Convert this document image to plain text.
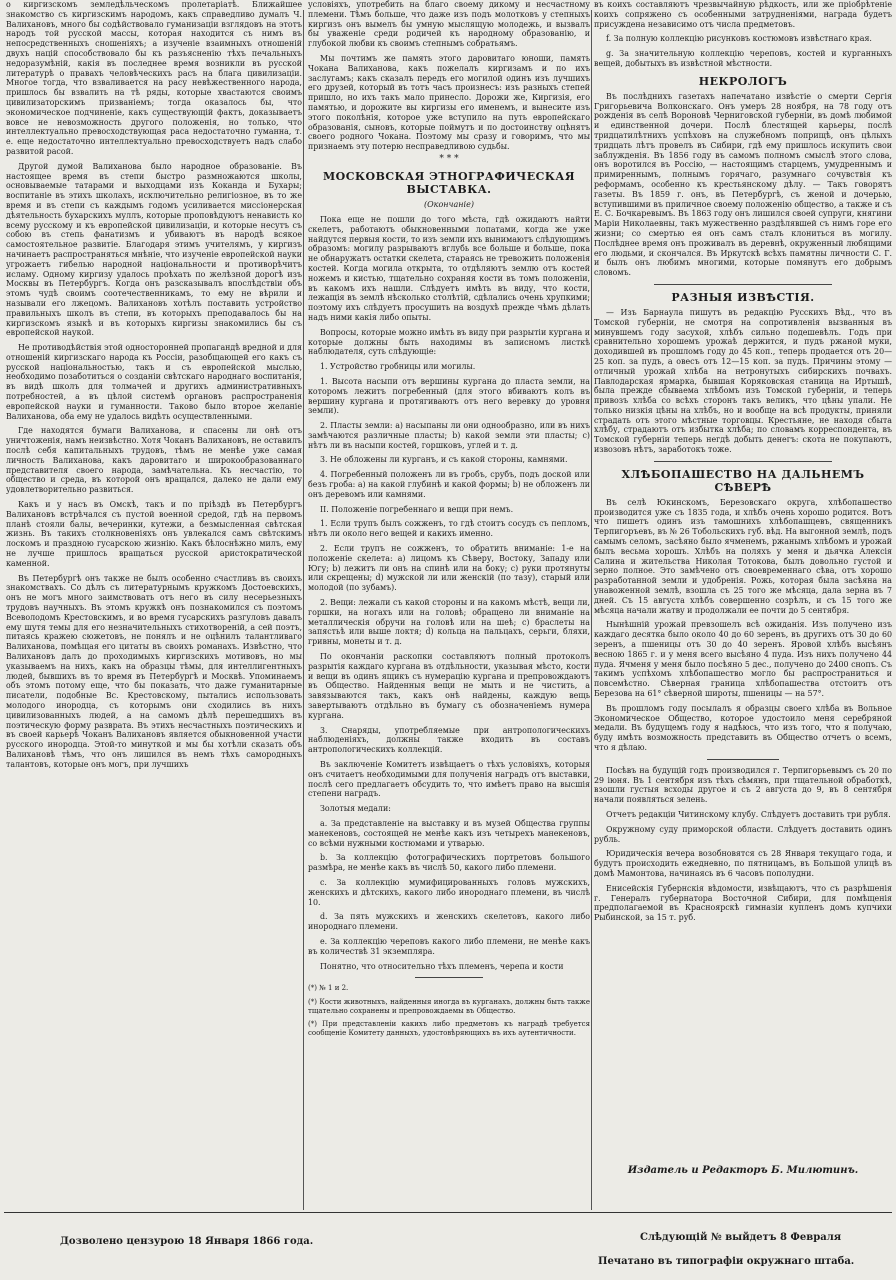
о киргизскомъ земледѣльческомъ пролетаріатѣ. Ближайшее знакомство съ киргизскимъ народомъ, какъ справедливо думалъ Ч. Валихановъ, много бы содѣйствовало гуманизаціи взглядовъ на этотъ народъ той русской массы, которая находится съ нимъ въ непосредственныхъ сношеніяхъ; а изученіе взаимныхъ отношеній двухъ націй способствовало бы къ разъясненію тѣхъ печальныхъ недоразумѣній, какія въ последнее время возникли въ русской литературѣ о правахъ человѣческихъ расъ на блага цивилизаціи. Многое тогда, что взваливается на расу невѣжественного народа, пришлось бы взвалить на тѣ ряды, которые хвастаются своимъ цивилизаторскимъ призваніемъ; тогда оказалось бы, что экономическое подчиненіе, какъ существующій фактъ, доказываетъ вовсе не невозможность другого положенія, но только, что интеллектуально превосходствующая раса недостаточно гуманна, т. е. еще недостаточно интеллектуально превосходствуетъ надъ слабо развитой расой.

Другой думой Валиханова было народное образованіе. Въ настоящее время въ степи быстро размножаются школы, основываемые татарами и выходцами изъ Коканда и Бухары; воспитаніе въ этихъ школахъ, исключительно религіозное, въ то же время и въ степи съ каждымъ годомъ усиливается миссіонерская дѣятельность бухарскихъ муллъ, которые проповѣдуютъ ненависть ко всему русскому и къ европейской цивилизаціи, и которые несутъ съ собою въ степь фанатизмъ и убиваютъ въ народѣ всякое самостоятельное развитіе. Благодаря этимъ учителямъ, у киргизъ начинаетъ распространяться мнѣніе, что изученіе европейской науки угрожаетъ гибелью народной національности и противорѣчитъ исламу. Одному киргизу удалось проѣхать по желѣзной дорогѣ изъ Москвы въ Петербургъ. Когда онъ разсказывалъ впослѣдствіи объ этомъ чудѣ своимъ соотечественникамъ, то ему не вѣрили и называли его лжецомъ. Валихановъ хотѣлъ поставить устройство правильныхъ школъ въ степи, въ которыхъ преподавалось бы на киргизскомъ языкѣ и въ которыхъ киргизы знакомились бы съ европейской наукой.

Не противодѣйствія этой односторонней пропагандѣ вредной и для отношеній киргизскаго народа къ Россіи, разобщающей его какъ съ русской національностью, такъ и съ европейской мыслью, необходимо позаботиться о созданіи свѣтскаго народнаго воспитанія, въ видѣ школъ для толмачей и другихъ административныхъ потребностей, а въ цѣлой системѣ органовъ распространенія европейской науки и гуманности. Таково было второе желаніе Валиханова, оба ему не удалось видѣть осуществленными.

Где находятся бумаги Валиханова, и спасены ли онѣ отъ уничтоженія, намъ неизвѣстно. Хотя Чоканъ Валихановъ, не оставилъ послѣ себя капитальныхъ трудовъ, тѣмъ не менѣе уже самая личность Валиханова, какъ даровитаго и широкообразованнаго представителя своего народа, замѣчательна. Къ несчастію, то общество и среда, въ которой онъ вращался, далеко не дали ему удовлетворительно развиться.

Какъ и у насъ въ Омскѣ, такъ и по пріѣздѣ въ Петербургъ Валихановъ встрѣчался съ пустой военной средой, гдѣ на первомъ планѣ стояли балы, вечеринки, кутежи, а безмысленная свѣтская жизнь. Въ такихъ столкновеніяхъ онъ увлекался самъ свѣтскимъ лоскомъ и праздною гусарскою жизнію. Какъ бѣлоснѣжно милъ, ему не лучше пришлось вращаться русской аристократической каменной.

Въ Петербургѣ онъ также не былъ особенно счастливъ въ своихъ знакомствахъ. Со дѣлъ съ литературнымъ кружкомъ Достоевскихъ, онъ не могъ много заимствовать отъ него въ силу несерьезныхъ трудовъ научныхъ. Въ этомъ кружкѣ онъ познакомился съ поэтомъ Всеволодомъ Крестовскимъ, и во время гусарскихъ разгуловъ давалъ ему шутя темы для его незначительныхъ стихотвореній, а сей поэтъ, питаясь кражею сюжетовъ, не понялъ и не оцѣнилъ талантливаго Валиханова, помѣщая его цитаты въ своихъ романахъ. Извѣстно, что Валихановъ далъ до проходимыхъ киргизскихъ мотивовъ, но мы указываемъ на нихъ, какъ на образцы тѣмы, для интеллигентныхъ людей, бывшихъ въ то время въ Петербургѣ и Москвѣ. Упоминаемъ объ этомъ потому еще, что бы показать, что даже гуманитарные писатели, подобные Вс. Крестовскому, пытались использовать молодого инородца, съ которымъ они сходились въ нихъ цивилизованныхъ людей, а на самомъ дѣлѣ перешедшихъ въ поэтическую форму разврата. Въ этихъ несчастныхъ поэтическихъ и въ своей карьерѣ Чоканъ Валихановъ является обыкновенной участи русского инородца. Этой-то минуткой и мы бы хотѣли сказать объ Валихановѣ тѣмъ, что онъ лишился въ немъ тѣхъ самородныхъ талантовъ, которые онъ могъ, при лучшихъ

условіяхъ, употребить на благо своему дикому и несчастному племени. Тѣмъ больше, что даже изъ подъ молотковъ у степныхъ киргизъ онъ вымелъ бы умную мыслящую молодежь, и вызвалъ бы уваженіе среди родичей къ народному образованію, и глубокой любви къ своимъ степнымъ собратьямъ.

Мы почтимъ же память этого даровитаго юноши, память Чокана Валиханова, какъ пожелалъ киргизамъ и по ихъ заслугамъ; какъ сказалъ передъ его могилой одинъ изъ лучшихъ его друзей, который въ тотъ часъ произнесъ: изъ разныхъ степей пришло, но ихъ такъ мало принесло. Дорожи же, Киргизія, его памятью, и дорожите вы киргизы его именемъ, и вынесите изъ этого поколѣнія, которое уже вступило на путь европейскаго образованія, сыновъ, которые поймутъ и по достоинству оцѣнятъ своего родного Чокана. Поэтому мы сразу и говоримъ, что мы признаемъ эту потерю несправедливою судьбы.

* * *
МОСКОВСКАЯ ЭТНОГРАФИЧЕСКАЯ ВЫСТАВКА.
(Окончаніе)

Пока еще не пошли до того мѣста, гдѣ ожидаютъ найти скелетъ, работаютъ обыкновенными лопатами, когда же уже найдутся первыя кости, то изъ земли ихъ вынимаютъ слѣдующимъ образомъ: могилу разрываютъ вглубь все больше и больше, пока не обнаружатъ остатки скелета, стараясь не тревожить положенія костей. Когда могила открыта, то отдѣляютъ землю отъ костей ножемъ и кистью, тщательно сохраняя кости въ томъ положеніи, въ какомъ ихъ нашли. Слѣдуетъ имѣть въ виду, что кости, лежащія въ землѣ нѣсколько столѣтій, сдѣлались очень хрупкими; поэтому ихъ слѣдуетъ просушить на воздухѣ прежде чѣмъ дѣлать надъ ними какія либо опыты.

Вопросы, которые можно имѣть въ виду при разрытіи кургана и которые должны быть находимы въ записномъ листкѣ наблюдателя, суть слѣдующіе:

1. Устройство гробницы или могилы.

1. Высота насыпи отъ вершины кургана до пласта земли, на которомъ лежитъ погребенный (для этого вбиваютъ колъ въ вершину кургана и протягиваютъ отъ него веревку до уровня земли).

2. Пласты земли: а) насыпаны ли они однообразно, или въ нихъ замѣчаются различные пласты; b) какой земли эти пласты; c) нѣтъ ли въ насыпи костей, горшковъ, углей и т. д.

3. Не обложены ли курганъ, и съ какой стороны, камнями.

4. Погребенный положенъ ли въ гробъ, срубъ, подъ доской или безъ гроба: а) на какой глубинѣ и какой формы; b) не обложенъ ли онъ деревомъ или камнями.

II. Положеніе погребеннаго и вещи при немъ.

1. Если трупъ былъ сожженъ, то гдѣ стоитъ сосудъ съ пепломъ, нѣтъ ли около него вещей и какихъ именно.

2. Если трупъ не сожженъ, то обратить вниманіе: 1-е на положеніе скелета: а) лицомъ къ Сѣверу, Востоку, Западу или Югу; b) лежитъ ли онъ на спинѣ или на боку; c) руки протянуты или скрещены; d) мужской ли или женскій (по тазу), старый или молодой (по зубамъ).

2. Вещи: лежали съ какой стороны и на какомъ мѣстѣ, вещи ли, горшки, на ногахъ или на головѣ; обращено ли вниманіе на металлическія обручи на головѣ или на шеѣ; c) браслеты на запястьѣ или выше локтя; d) кольца на пальцахъ, серьги, бляхи, гривны, монеты и т. д.

По окончаніи раскопки составляютъ полный протоколъ разрытія каждаго кургана въ отдѣльности, указывая мѣсто, кости и вещи въ одинъ ящикъ съ нумерацію кургана и препровождаютъ въ Общество. Найденныя вещи не мыть и не чистить, а завязываются такъ, какъ онѣ найдены, каждую вещь завертываютъ отдѣльно въ бумагу съ обозначеніемъ нумера кургана.

3. Снаряды, употребляемые при антропологическихъ наблюденіяхъ, должны также входить въ составъ антропологическихъ коллекцій.

Въ заключеніе Комитетъ извѣщаетъ о тѣхъ условіяхъ, которыя онъ считаетъ необходимыми для полученія наградъ отъ выставки, послѣ сего предлагаетъ обсудить то, что имѣетъ право на высшія степени наградъ.

Золотыя медали:

а. За представленіе на выставку и въ музей Общества группы манекеновъ, состоящей не менѣе какъ изъ четырехъ манекеновъ, со всѣми нужными костюмами и утварью.

b. За коллекцію фотографическихъ портретовъ большого размѣра, не менѣе какъ въ числѣ 50, какого либо племени.

c. За коллекцію мумифицированныхъ головъ мужскихъ, женскихъ и дѣтскихъ, какого либо инороднаго племени, въ числѣ 10.

d. За пять мужскихъ и женскихъ скелетовъ, какого либо инороднаго племени.

е. За коллекцію череповъ какого либо племени, не менѣе какъ въ количествѣ 31 экземпляра.

Понятно, что относительно тѣхъ племенъ, черепа и кости

(*) № 1 и 2.

(*) Кости животныхъ, найденныя иногда въ курганахъ, должны быть также тщательно сохранены и препровождаемы въ Общество.

(*) При представленіи какихъ либо предметовъ къ наградѣ требуется сообщеніе Комитету данныхъ, удостовѣряющихъ въ ихъ аутентичности.

въ коихъ составляютъ чрезвычайную рѣдкость, или же пріобрѣтеніе коихъ сопряжено съ особенными затрудненіями, награда будетъ присуждена независимо отъ числа предметовъ.

f. За полную коллекцію рисунковъ костюмовъ извѣстнаго края.

g. За значительную коллекцію череповъ, костей и курганныхъ вещей, добытыхъ въ извѣстной мѣстности.

НЕКРОЛОГЪ

Въ послѣднихъ газетахъ напечатано извѣстіе о смерти Сергія Григорьевича Волконскаго. Онъ умеръ 28 ноября, на 78 году отъ рожденія въ селѣ Вороновѣ Черниговской губерніи, въ домѣ любимой и единственной дочери. Послѣ блестящей карьеры, послѣ тридцатилѣтнихъ успѣховъ на служебномъ поприщѣ, онъ цѣлыхъ тридцать лѣтъ провелъ въ Сибири, гдѣ ему пришлось искупить свои заблужденія. Въ 1856 году въ самомъ полномъ смыслѣ этого слова, онъ воротился въ Россію, — настоящимъ старцемъ, умудреннымъ и примиреннымъ, полнымъ горячаго, разумнаго сочувствія къ реформамъ, особенно къ крестьянскому дѣлу. — Такъ говорятъ газеты. Въ 1859 г. онъ, въ Петербургѣ, съ женой и дочерью, вступившими въ приличное своему положенію общество, а также и съ Е. С. Бочкаревымъ. Въ 1863 году онъ лишился своей супруги, княгини Маріи Николаевны, такъ мужественно раздѣлявшей съ нимъ горе его жизни; со смертью ея онъ самъ сталъ клониться въ могилу. Послѣднее время онъ проживалъ въ деревнѣ, окруженный любящими его людьми, и скончался. Въ Иркутскѣ всѣхъ памятны личности С. Г. и былъ онъ любимъ многими, которые помянутъ его добрымъ словомъ.

РАЗНЫЯ ИЗВѢСТІЯ.

— Изъ Барнаула пишутъ въ редакцію Русскихъ Вѣд., что въ Томской губерніи, не смотря на сопротивленія вызванныя въ минувшемъ году засухой, хлѣбъ сильно подешевѣлъ. Годъ при сравнительно хорошемъ урожаѣ держится, и пудъ ржаной муки, доходившей въ прошломъ году до 45 коп., теперь продается отъ 20—25 коп. за пудъ, а овесъ отъ 12—15 коп. за пудъ. Причины этому — отличный урожай хлѣба на нетронутыхъ сибирскихъ почвахъ. Павлодарская ярмарка, бывшая Коряковская станица на Иртышѣ, была прежде сбываема хлѣбомъ изъ Томской губерніи, и теперь привозъ хлѣба со всѣхъ сторонъ такъ великъ, что цѣны упали. Не только низкія цѣны на хлѣбъ, но и вообще на всѣ продукты, приняли страдать отъ этого мѣстные торговцы. Крестьяне, не находя сбыта хлѣбу, страдаютъ отъ избытка хлѣба; по словамъ корреспондента, въ Томской губерніи теперь негдѣ добыть денегъ: скота не покупаютъ, извозовъ нѣтъ, заработокъ тоже.

ХЛѢБОПАШЕСТВО НА ДАЛЬНЕМЪ СѢВЕРѢ

Въ селѣ Юкинскомъ, Березовскаго округа, хлѣбопашество производится уже съ 1835 года, и хлѣбъ очень хорошо родится. Вотъ что пишетъ одинъ изъ тамошнихъ хлѣбопашцевъ, священникъ Терпигоръевъ, въ № 26 Тобольскихъ губ. вѣд. На выгонной землѣ, подъ самымъ селомъ, засѣяно было ячменемъ, ржанымъ хлѣбомъ и урожай былъ весьма хорошъ. Хлѣбъ на поляхъ у меня и дьячка Алексія Салина и жительства Николая Тотокова, былъ довольно густой и зерно полное. Это замѣчено отъ своевременнаго сѣва, отъ хорошо разработанной земли и удобренія. Рожь, которая была засѣяна на унавоженной землѣ, взошла съ 25 того же мѣсяца, дала зерна въ 7 дней. Съ 15 августа хлѣбъ совершенно созрѣлъ, и съ 15 того же мѣсяца начали жатву и продолжали ее почти до 5 сентября.

Нынѣшній урожай превзошелъ всѣ ожиданія. Изъ получено изъ каждаго десятка было около 40 до 60 зеренъ, въ другихъ отъ 30 до 60 зеренъ, а пшеницы отъ 30 до 40 зеренъ. Яровой хлѣбъ высѣянъ весною 1865 г. и у меня всего высѣяно 4 пуда. Изъ нихъ получено 44 пуда. Ячменя у меня было посѣяно 5 дес., получено до 2400 снопъ. Съ такимъ успѣхомъ хлѣбопашество могло бы распространиться и повсемѣстно. Сѣверная граница хлѣбопашества отстоитъ отъ Березова на 61° сѣверной широты, пшеницы — на 57°.

Въ прошломъ году посылалъ я образцы своего хлѣба въ Вольное Экономическое Общество, которое удостоило меня серебряной медали. Въ будущемъ году я надѣюсь, что изъ того, что я получаю, буду имѣть возможность представить въ Общество отчетъ о всемъ, что я дѣлаю.

Посѣвъ на будущій годъ производился г. Терпигорьевымъ съ 20 по 29 іюня. Въ 1 сентября изъ тѣхъ сѣмянъ, при тщательной обработкѣ, взошли густыя всходы другое и съ 2 августа до 9, въ 8 сентября начали появляться зелень.

Отчетъ редакціи Читинскому клубу. Слѣдуетъ доставить три рубля.

Окружному суду приморской области. Слѣдуетъ доставить одинъ рубль.

Юридическія вечера возобновятся съ 28 Января текущаго года, и будутъ происходить ежедневно, по пятницамъ, въ Большой улицѣ въ домѣ Мамонтова, начинаясь въ 6 часовъ пополудни.

Енисейскія Губернскія вѣдомости, извѣщаютъ, что съ разрѣшенія г. Генералъ губернатора Восточной Сибири, для помѣщенія предполагаемой въ Красноярскѣ гимназіи купленъ домъ купчихи Рыбинской, за 15 т. руб.

Издатель и Редакторъ Б. Милютинъ.
Дозволено цензурою 18 Января 1866 года.	Слѣдующій № выйдетъ 8 Февраля
Печатано въ типографіи окружнаго штаба.
